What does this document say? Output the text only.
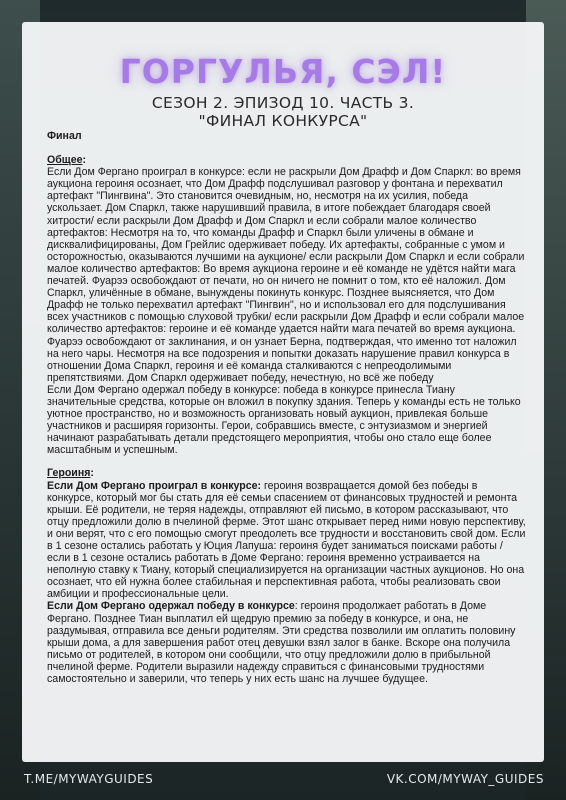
ГОРГУЛЬЯ, СЭЛ!
СЕЗОН 2. ЭПИЗОД 10. ЧАСТЬ 3.
"ФИНАЛ КОНКУРСА"

Финал

Общее:

Если Дом Фергано проиграл в конкурсе: если не раскрыли Дом Драфф и Дом Спаркл: во время аукциона героиня осознает, что Дом Драфф подслушивал разговор у фонтана и перехватил артефакт "Пингвина". Это становится очевидным, но, несмотря на их усилия, победа ускользает. Дом Спаркл, также нарушивший правила, в итоге побеждает благодаря своей хитрости/ если раскрыли Дом Драфф и Дом Спаркл и если собрали малое количество артефактов: Несмотря на то, что команды Драфф и Спаркл были уличены в обмане и дисквалифицированы, Дом Грейлис одерживает победу. Их артефакты, собранные с умом и осторожностью, оказываются лучшими на аукционе/ если раскрыли Дом Спаркл и если собрали малое количество артефактов: Во время аукциона героине и её команде не удётся найти мага печатей. Фуарээ освобождают от печати, но он ничего не помнит о том, кто её наложил. Дом Спаркл, уличённые в обмане, вынуждены покинуть конкурс. Позднее выясняется, что Дом Драфф не только перехватил артефакт "Пингвин", но и использовал его для подслушивания всех участников с помощью слуховой трубки/ если раскрыли Дом Драфф и если собрали малое количество артефактов: героине и её команде удается найти мага печатей во время аукциона. Фуарээ освобождают от заклинания, и он узнает Берна, подтверждая, что именно тот наложил на него чары. Несмотря на все подозрения и попытки доказать нарушение правил конкурса в отношении Дома Спаркл, героиня и её команда сталкиваются с непреодолимыми препятствиями. Дом Спаркл одерживает победу, нечестную, но всё же победу

Если Дом Фергано одержал победу в конкурсе: победа в конкурсе принесла Тиану значительные средства, которые он вложил в покупку здания. Теперь у команды есть не только уютное пространство, но и возможность организовать новый аукцион, привлекая больше участников и расширяя горизонты. Герои, собравшись вместе, с энтузиазмом и энергией начинают разрабатывать детали предстоящего мероприятия, чтобы оно стало еще более масштабным и успешным.

Героиня:

Если Дом Фергано проиграл в конкурсе: героиня возвращается домой без победы в конкурсе, который мог бы стать для её семьи спасением от финансовых трудностей и ремонта крыши. Её родители, не теряя надежды, отправляют ей письмо, в котором рассказывают, что отцу предложили долю в пчелиной ферме. Этот шанс открывает перед ними новую перспективу, и они верят, что с его помощью смогут преодолеть все трудности и восстановить свой дом. Если в 1 сезоне остались работать у Юция Лапуша: героиня будет заниматься поисками работы / если в 1 сезоне остались работать в Доме Фергано: героиня временно устраивается на неполную ставку к Тиану, который специализируется на организации частных аукционов. Но она осознает, что ей нужна более стабильная и перспективная работа, чтобы реализовать свои амбиции и профессиональные цели.

Если Дом Фергано одержал победу в конкурсе: героиня продолжает работать в Доме Фергано. Позднее Тиан выплатил ей щедрую премию за победу в конкурсе, и она, не раздумывая, отправила все деньги родителям. Эти средства позволили им оплатить половину крыши дома, а для завершения работ отец девушки взял залог в банке. Вскоре она получила письмо от родителей, в котором они сообщили, что отцу предложили долю в прибыльной пчелиной ферме. Родители выразили надежду справиться с финансовыми трудностями самостоятельно и заверили, что теперь у них есть шанс на лучшее будущее.

T.ME/MYWAYGUIDES	VK.COM/MYWAY_GUIDES
